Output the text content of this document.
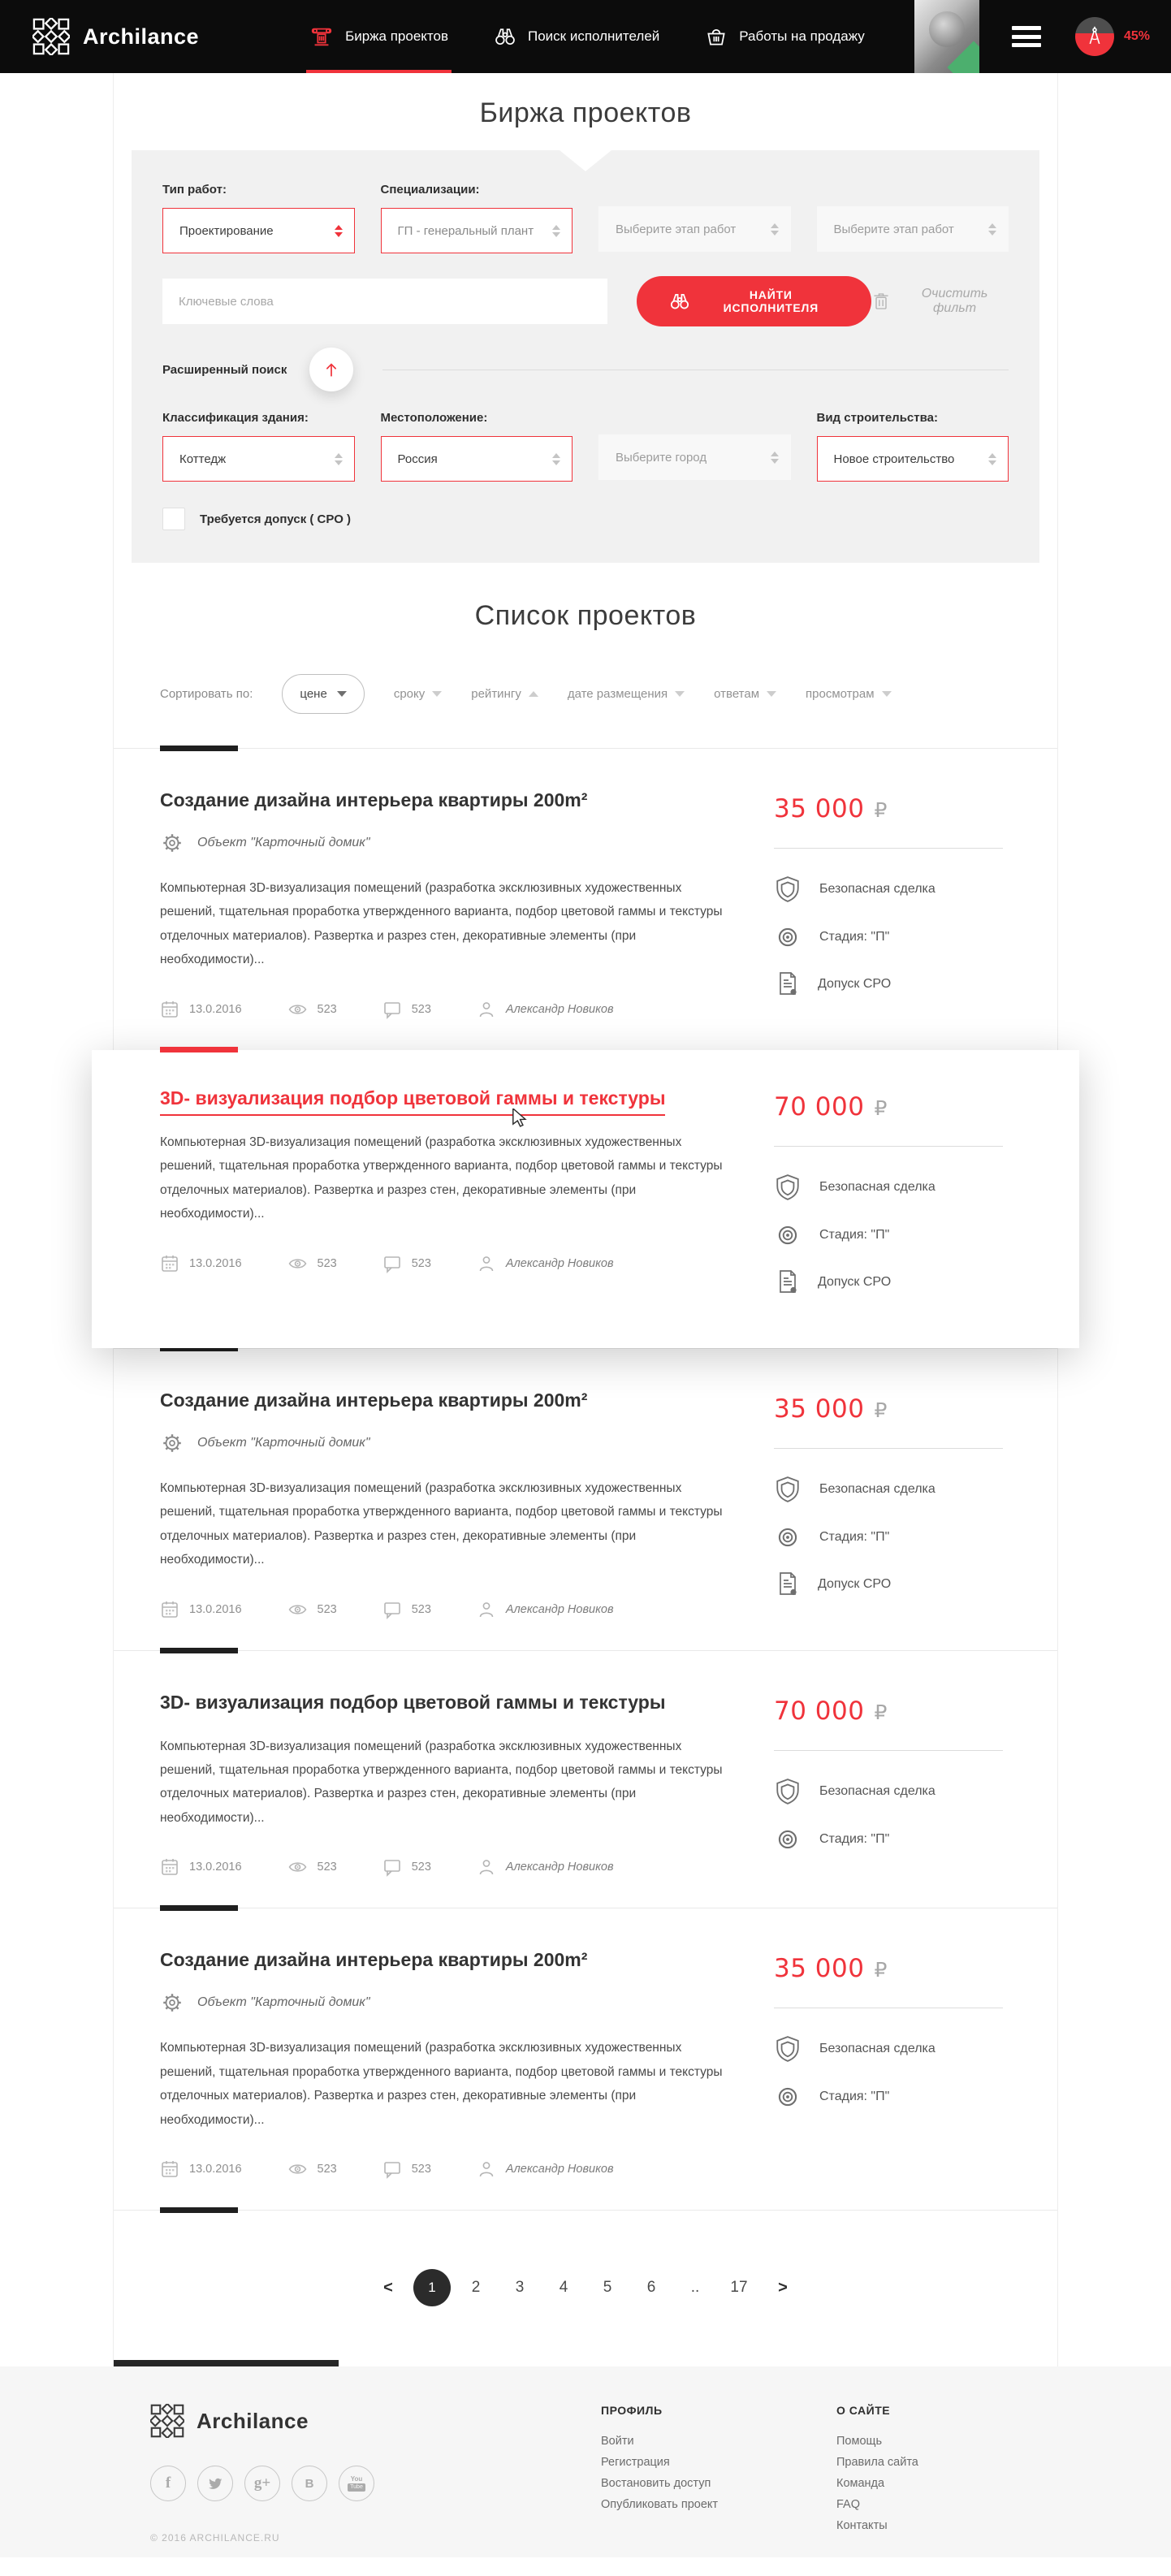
Archilance	Биржа проектов	Поиск исполнителей	Работы на продажу	45%
Биржа проектов
Тип работ:
Проектирование
Специализации:
ГП - генеральный плант	Выберите этап работ	Выберите этап работ
Ключевые слова
НАЙТИ ИСПОЛНИТЕЛЯ
Очистить фильт
Расширенный поиск
Классификация здания:
Коттедж
Местоположение:
Россия	Выберите город
Вид строительства:
Новое строительство
Требуется допуск ( СРО )
Список проектов
Сортировать по:	цене	сроку	рейтингу	дате размещения	ответам	просмотрам
Создание дизайна интерьера квартиры 200m²
Объект "Карточный домик"

Компьютерная 3D-визуализация помещений (разработка эксклюзивных художественных решений, тщательная проработка утвержденного варианта, подбор цветовой гаммы и текстуры отделочных материалов). Развертка и разрез стен, декоративные элементы (при необходимости)...

13.0.2016	523	523	Александр Новиков
35 000 ₽
Безопасная сделка
Стадия: "П"
Допуск СРО
3D- визуализация подбор цветовой гаммы и текстуры

Компьютерная 3D-визуализация помещений (разработка эксклюзивных художественных решений, тщательная проработка утвержденного варианта, подбор цветовой гаммы и текстуры отделочных материалов). Развертка и разрез стен, декоративные элементы (при необходимости)...

13.0.2016	523	523	Александр Новиков
70 000 ₽
Безопасная сделка
Стадия: "П"
Допуск СРО
Создание дизайна интерьера квартиры 200m²
Объект "Карточный домик"

Компьютерная 3D-визуализация помещений (разработка эксклюзивных художественных решений, тщательная проработка утвержденного варианта, подбор цветовой гаммы и текстуры отделочных материалов). Развертка и разрез стен, декоративные элементы (при необходимости)...

13.0.2016	523	523	Александр Новиков
35 000 ₽
Безопасная сделка
Стадия: "П"
Допуск СРО
3D- визуализация подбор цветовой гаммы и текстуры

Компьютерная 3D-визуализация помещений (разработка эксклюзивных художественных решений, тщательная проработка утвержденного варианта, подбор цветовой гаммы и текстуры отделочных материалов). Развертка и разрез стен, декоративные элементы (при необходимости)...

13.0.2016	523	523	Александр Новиков
70 000 ₽
Безопасная сделка
Стадия: "П"
Создание дизайна интерьера квартиры 200m²
Объект "Карточный домик"

Компьютерная 3D-визуализация помещений (разработка эксклюзивных художественных решений, тщательная проработка утвержденного варианта, подбор цветовой гаммы и текстуры отделочных материалов). Развертка и разрез стен, декоративные элементы (при необходимости)...

13.0.2016	523	523	Александр Новиков
35 000 ₽
Безопасная сделка
Стадия: "П"
<	1	2	3	4	5	6	..	17	>
Archilance
f	g+	В	You
Tube
© 2016 ARCHILANCE.RU
ПРОФИЛЬ
Войти
Регистрация
Востановить доступ
Опубликовать проект
О САЙТЕ
Помощь
Правила сайта
Команда
FAQ
Контакты
